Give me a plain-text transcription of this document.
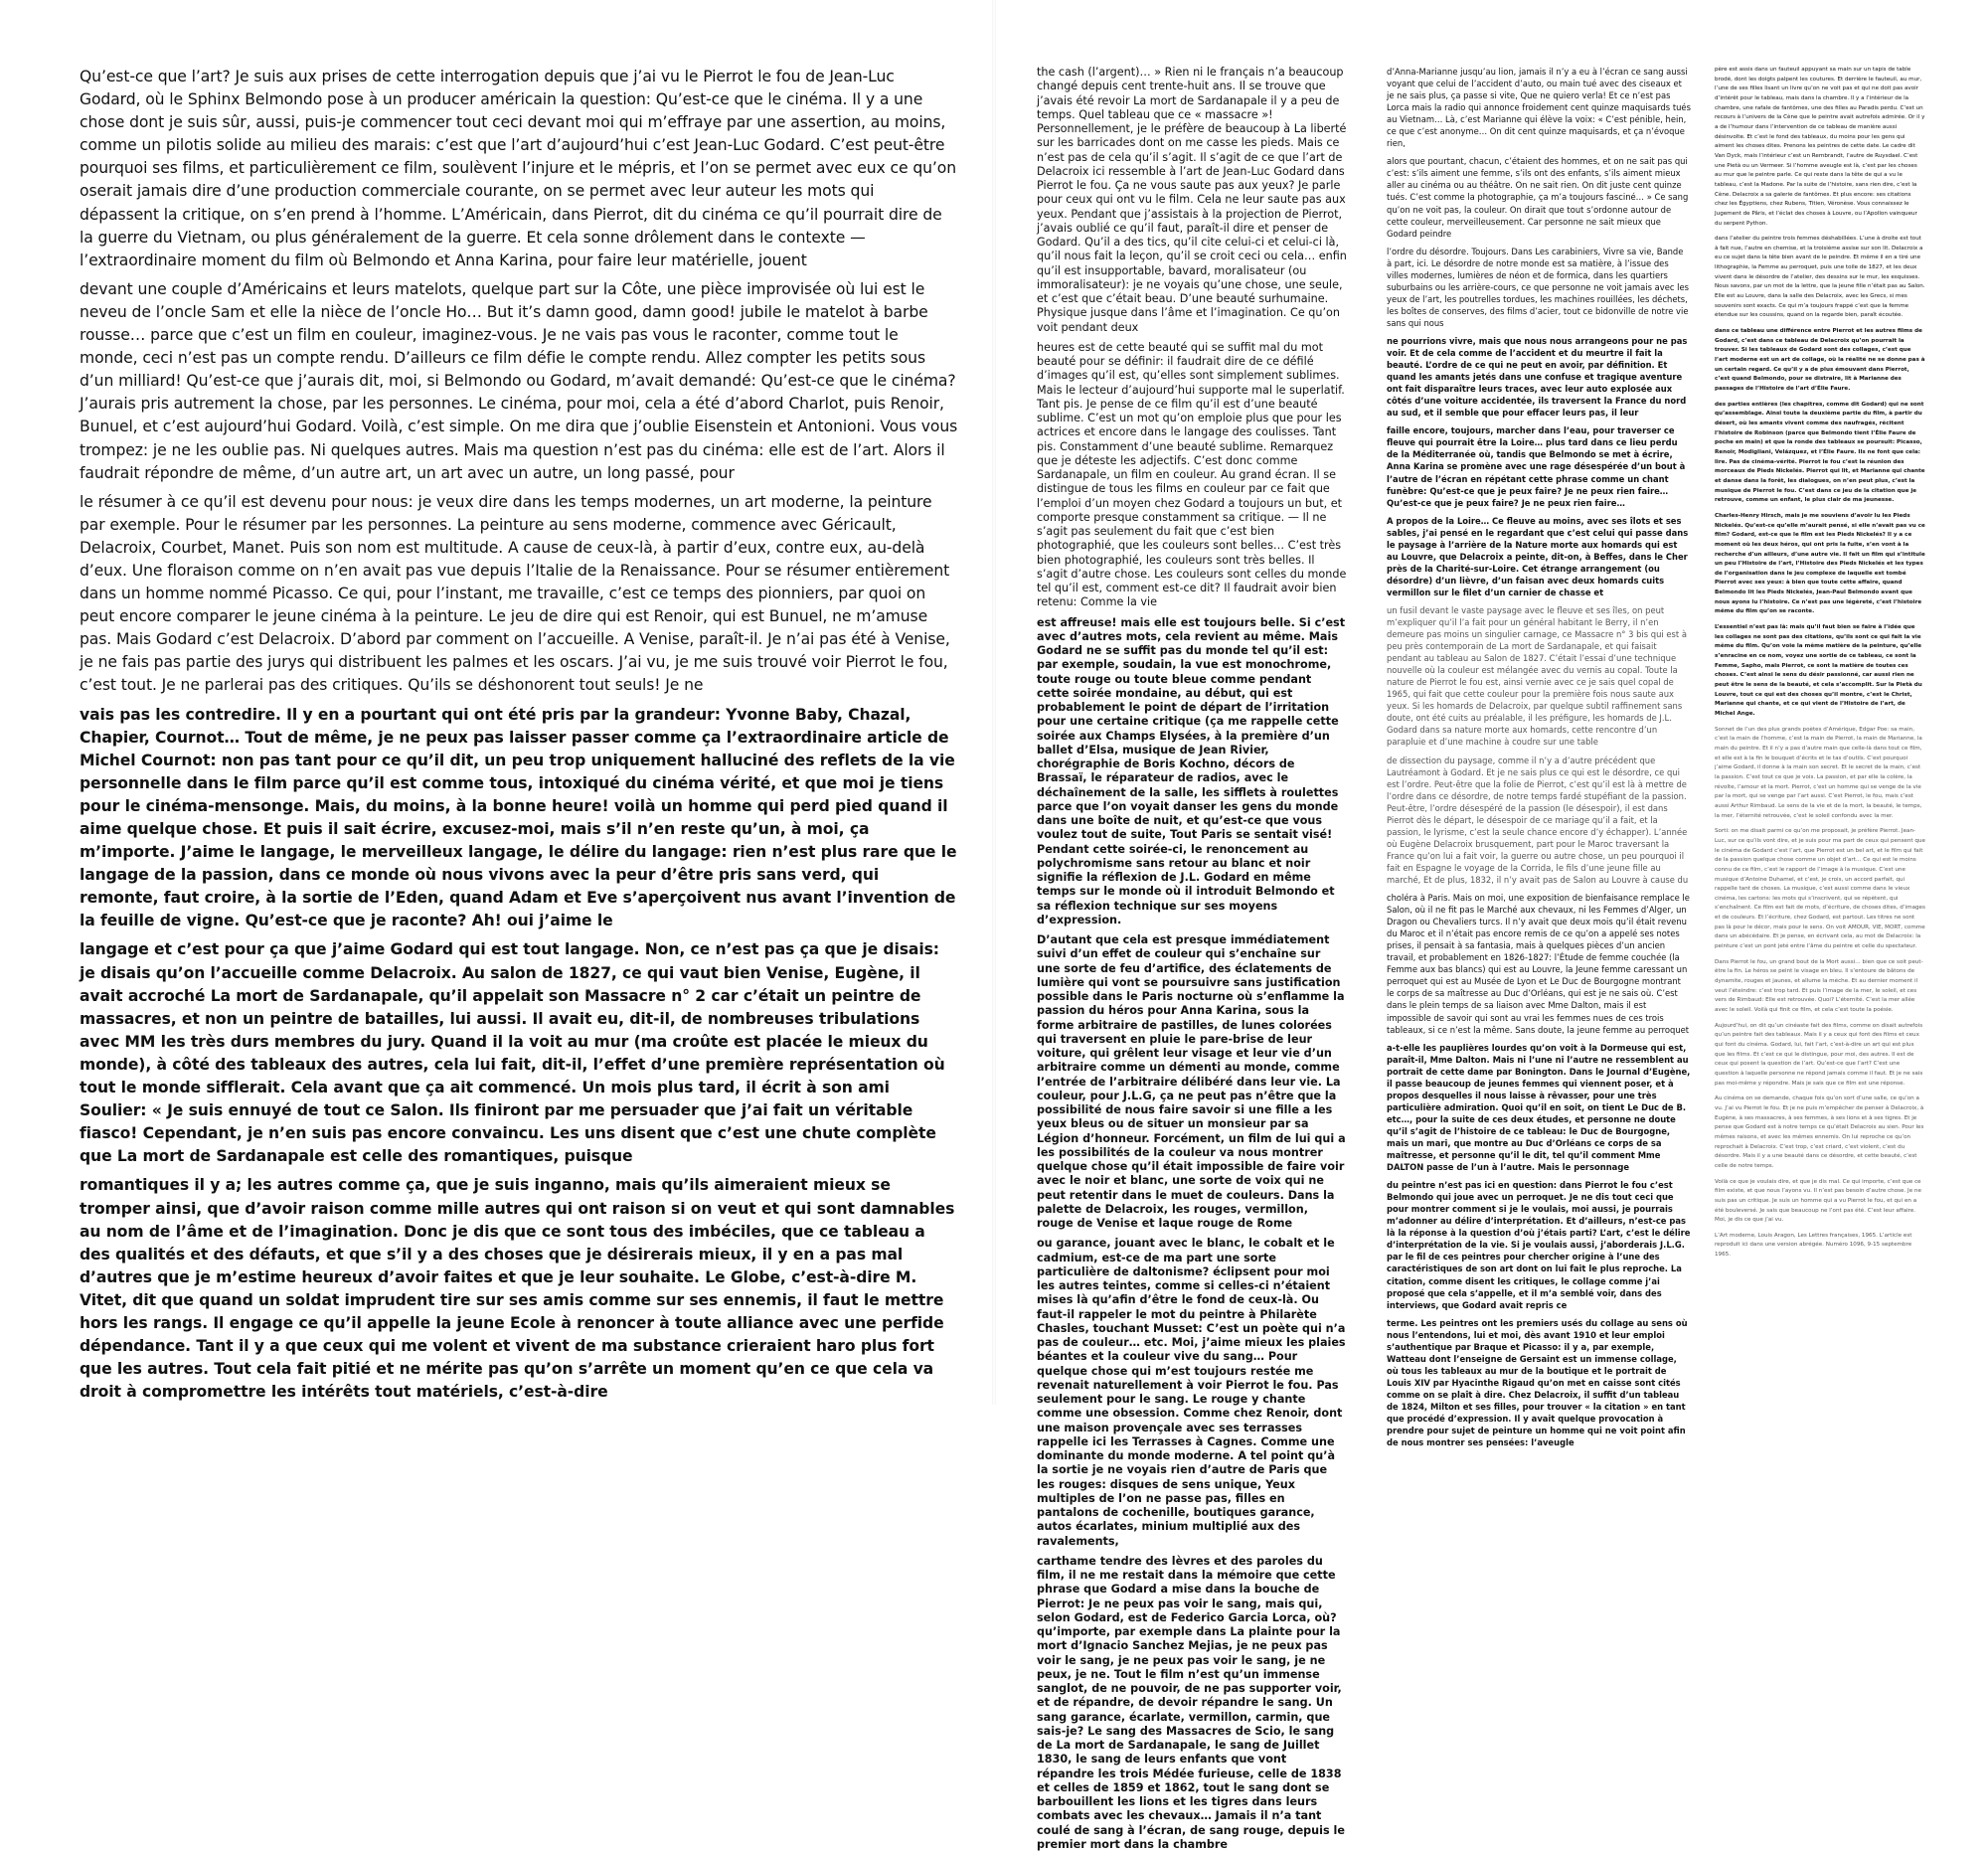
Qu’est-ce que l’art? Je suis aux prises de cette interrogation depuis que j’ai vu le Pierrot le fou de Jean-Luc Godard, où le Sphinx Belmondo pose à un producer américain la question: Qu’est-ce que le cinéma. Il y a une chose dont je suis sûr, aussi, puis-je commencer tout ceci devant moi qui m’effraye par une assertion, au moins, comme un pilotis solide au milieu des marais: c’est que l’art d’aujourd’hui c’est Jean-Luc Godard. C’est peut-être pourquoi ses films, et particulièrement ce film, soulèvent l’injure et le mépris, et l’on se permet avec eux ce qu’on oserait jamais dire d’une production commerciale courante, on se permet avec leur auteur les mots qui dépassent la critique, on s’en prend à l’homme. L’Américain, dans Pierrot, dit du cinéma ce qu’il pourrait dire de la guerre du Vietnam, ou plus généralement de la guerre. Et cela sonne drôlement dans le contexte — l’extraordinaire moment du film où Belmondo et Anna Karina, pour faire leur matérielle, jouent

devant une couple d’Américains et leurs matelots, quelque part sur la Côte, une pièce improvisée où lui est le neveu de l’oncle Sam et elle la nièce de l’oncle Ho… But it’s damn good, damn good! jubile le matelot à barbe rousse… parce que c’est un film en couleur, imaginez-vous. Je ne vais pas vous le raconter, comme tout le monde, ceci n’est pas un compte rendu. D’ailleurs ce film défie le compte rendu. Allez compter les petits sous d’un milliard! Qu’est-ce que j’aurais dit, moi, si Belmondo ou Godard, m’avait demandé: Qu’est-ce que le cinéma? J’aurais pris autrement la chose, par les personnes. Le cinéma, pour moi, cela a été d’abord Charlot, puis Renoir, Bunuel, et c’est aujourd’hui Godard. Voilà, c’est simple. On me dira que j’oublie Eisenstein et Antonioni. Vous vous trompez: je ne les oublie pas. Ni quelques autres. Mais ma question n’est pas du cinéma: elle est de l’art. Alors il faudrait répondre de même, d’un autre art, un art avec un autre, un long passé, pour

le résumer à ce qu’il est devenu pour nous: je veux dire dans les temps modernes, un art moderne, la peinture par exemple. Pour le résumer par les personnes. La peinture au sens moderne, commence avec Géricault, Delacroix, Courbet, Manet. Puis son nom est multitude. A cause de ceux-là, à partir d’eux, contre eux, au-delà d’eux. Une floraison comme on n’en avait pas vue depuis l’Italie de la Renaissance. Pour se résumer entièrement dans un homme nommé Picasso. Ce qui, pour l’instant, me travaille, c’est ce temps des pionniers, par quoi on peut encore comparer le jeune cinéma à la peinture. Le jeu de dire qui est Renoir, qui est Bunuel, ne m’amuse pas. Mais Godard c’est Delacroix. D’abord par comment on l’accueille. A Venise, paraît-il. Je n’ai pas été à Venise, je ne fais pas partie des jurys qui distribuent les palmes et les oscars. J’ai vu, je me suis trouvé voir Pierrot le fou, c’est tout. Je ne parlerai pas des critiques. Qu’ils se déshonorent tout seuls! Je ne

vais pas les contredire. Il y en a pourtant qui ont été pris par la grandeur: Yvonne Baby, Chazal, Chapier, Cournot… Tout de même, je ne peux pas laisser passer comme ça l’extraordinaire article de Michel Cournot: non pas tant pour ce qu’il dit, un peu trop uniquement halluciné des reflets de la vie personnelle dans le film parce qu’il est comme tous, intoxiqué du cinéma vérité, et que moi je tiens pour le cinéma-mensonge. Mais, du moins, à la bonne heure! voilà un homme qui perd pied quand il aime quelque chose. Et puis il sait écrire, excusez-moi, mais s’il n’en reste qu’un, à moi, ça m’importe. J’aime le langage, le merveilleux langage, le délire du langage: rien n’est plus rare que le langage de la passion, dans ce monde où nous vivons avec la peur d’être pris sans verd, qui remonte, faut croire, à la sortie de l’Eden, quand Adam et Eve s’aperçoivent nus avant l’invention de la feuille de vigne. Qu’est-ce que je raconte? Ah! oui j’aime le

langage et c’est pour ça que j’aime Godard qui est tout langage. Non, ce n’est pas ça que je disais: je disais qu’on l’accueille comme Delacroix. Au salon de 1827, ce qui vaut bien Venise, Eugène, il avait accroché La mort de Sardanapale, qu’il appelait son Massacre n° 2 car c’était un peintre de massacres, et non un peintre de batailles, lui aussi. Il avait eu, dit-il, de nombreuses tribulations avec MM les très durs membres du jury. Quand il la voit au mur (ma croûte est placée le mieux du monde), à côté des tableaux des autres, cela lui fait, dit-il, l’effet d’une première représentation où tout le monde sifflerait. Cela avant que ça ait commencé. Un mois plus tard, il écrit à son ami Soulier: « Je suis ennuyé de tout ce Salon. Ils finiront par me persuader que j’ai fait un véritable fiasco! Cependant, je n’en suis pas encore convaincu. Les uns disent que c’est une chute complète que La mort de Sardanapale est celle des romantiques, puisque

romantiques il y a; les autres comme ça, que je suis inganno, mais qu’ils aimeraient mieux se tromper ainsi, que d’avoir raison comme mille autres qui ont raison si on veut et qui sont damnables au nom de l’âme et de l’imagination. Donc je dis que ce sont tous des imbéciles, que ce tableau a des qualités et des défauts, et que s’il y a des choses que je désirerais mieux, il y en a pas mal d’autres que je m’estime heureux d’avoir faites et que je leur souhaite. Le Globe, c’est-à-dire M. Vitet, dit que quand un soldat imprudent tire sur ses amis comme sur ses ennemis, il faut le mettre hors les rangs. Il engage ce qu’il appelle la jeune Ecole à renoncer à toute alliance avec une perfide dépendance. Tant il y a que ceux qui me volent et vivent de ma substance crieraient haro plus fort que les autres. Tout cela fait pitié et ne mérite pas qu’on s’arrête un moment qu’en ce que cela va droit à compromettre les intérêts tout matériels, c’est-à-dire

the cash (l’argent)… » Rien ni le français n’a beaucoup changé depuis cent trente-huit ans. Il se trouve que j’avais été revoir La mort de Sardanapale il y a peu de temps. Quel tableau que ce « massacre »! Personnellement, je le préfère de beaucoup à La liberté sur les barricades dont on me casse les pieds. Mais ce n’est pas de cela qu’il s’agit. Il s’agit de ce que l’art de Delacroix ici ressemble à l’art de Jean-Luc Godard dans Pierrot le fou. Ça ne vous saute pas aux yeux? Je parle pour ceux qui ont vu le film. Cela ne leur saute pas aux yeux. Pendant que j’assistais à la projection de Pierrot, j’avais oublié ce qu’il faut, paraît-il dire et penser de Godard. Qu’il a des tics, qu’il cite celui-ci et celui-ci là, qu’il nous fait la leçon, qu’il se croit ceci ou cela… enfin qu’il est insupportable, bavard, moralisateur (ou immoralisateur): je ne voyais qu’une chose, une seule, et c’est que c’était beau. D’une beauté surhumaine. Physique jusque dans l’âme et l’imagination. Ce qu’on voit pendant deux

heures est de cette beauté qui se suffit mal du mot beauté pour se définir: il faudrait dire de ce défilé d’images qu’il est, qu’elles sont simplement sublimes. Mais le lecteur d’aujourd’hui supporte mal le superlatif. Tant pis. Je pense de ce film qu’il est d’une beauté sublime. C’est un mot qu’on emploie plus que pour les actrices et encore dans le langage des coulisses. Tant pis. Constamment d’une beauté sublime. Remarquez que je déteste les adjectifs. C’est donc comme Sardanapale, un film en couleur. Au grand écran. Il se distingue de tous les films en couleur par ce fait que l’emploi d’un moyen chez Godard a toujours un but, et comporte presque constamment sa critique. — Il ne s’agit pas seulement du fait que c’est bien photographié, que les couleurs sont belles… C’est très bien photographié, les couleurs sont très belles. Il s’agit d’autre chose. Les couleurs sont celles du monde tel qu’il est, comment est-ce dit? Il faudrait avoir bien retenu: Comme la vie

est affreuse! mais elle est toujours belle. Si c’est avec d’autres mots, cela revient au même. Mais Godard ne se suffit pas du monde tel qu’il est: par exemple, soudain, la vue est monochrome, toute rouge ou toute bleue comme pendant cette soirée mondaine, au début, qui est probablement le point de départ de l’irritation pour une certaine critique (ça me rappelle cette soirée aux Champs Elysées, à la première d’un ballet d’Elsa, musique de Jean Rivier, chorégraphie de Boris Kochno, décors de Brassaï, le réparateur de radios, avec le déchaînement de la salle, les sifflets à roulettes parce que l’on voyait danser les gens du monde dans une boîte de nuit, et qu’est-ce que vous voulez tout de suite, Tout Paris se sentait visé! Pendant cette soirée-ci, le renoncement au polychromisme sans retour au blanc et noir signifie la réflexion de J.L. Godard en même temps sur le monde où il introduit Belmondo et sa réflexion technique sur ses moyens d’expression.

D’autant que cela est presque immédiatement suivi d’un effet de couleur qui s’enchaîne sur une sorte de feu d’artifice, des éclatements de lumière qui vont se poursuivre sans justification possible dans le Paris nocturne où s’enflamme la passion du héros pour Anna Karina, sous la forme arbitraire de pastilles, de lunes colorées qui traversent en pluie le pare-brise de leur voiture, qui grêlent leur visage et leur vie d’un arbitraire comme un démenti au monde, comme l’entrée de l’arbitraire délibéré dans leur vie. La couleur, pour J.L.G, ça ne peut pas n’être que la possibilité de nous faire savoir si une fille a les yeux bleus ou de situer un monsieur par sa Légion d’honneur. Forcément, un film de lui qui a les possibilités de la couleur va nous montrer quelque chose qu’il était impossible de faire voir avec le noir et blanc, une sorte de voix qui ne peut retentir dans le muet de couleurs. Dans la palette de Delacroix, les rouges, vermillon, rouge de Venise et laque rouge de Rome

ou garance, jouant avec le blanc, le cobalt et le cadmium, est-ce de ma part une sorte particulière de daltonisme? éclipsent pour moi les autres teintes, comme si celles-ci n’étaient mises là qu’afin d’être le fond de ceux-là. Ou faut-il rappeler le mot du peintre à Philarète Chasles, touchant Musset: C’est un poète qui n’a pas de couleur… etc. Moi, j’aime mieux les plaies béantes et la couleur vive du sang… Pour quelque chose qui m’est toujours restée me revenait naturellement à voir Pierrot le fou. Pas seulement pour le sang. Le rouge y chante comme une obsession. Comme chez Renoir, dont une maison provençale avec ses terrasses rappelle ici les Terrasses à Cagnes. Comme une dominante du monde moderne. A tel point qu’à la sortie je ne voyais rien d’autre de Paris que les rouges: disques de sens unique, Yeux multiples de l’on ne passe pas, filles en pantalons de cochenille, boutiques garance, autos écarlates, minium multiplié aux des ravalements,

carthame tendre des lèvres et des paroles du film, il ne me restait dans la mémoire que cette phrase que Godard a mise dans la bouche de Pierrot: Je ne peux pas voir le sang, mais qui, selon Godard, est de Federico Garcia Lorca, où? qu’importe, par exemple dans La plainte pour la mort d’Ignacio Sanchez Mejias, je ne peux pas voir le sang, je ne peux pas voir le sang, je ne peux, je ne. Tout le film n’est qu’un immense sanglot, de ne pouvoir, de ne pas supporter voir, et de répandre, de devoir répandre le sang. Un sang garance, écarlate, vermillon, carmin, que sais-je? Le sang des Massacres de Scio, le sang de La mort de Sardanapale, le sang de Juillet 1830, le sang de leurs enfants que vont répandre les trois Médée furieuse, celle de 1838 et celles de 1859 et 1862, tout le sang dont se barbouillent les lions et les tigres dans leurs combats avec les chevaux… Jamais il n’a tant coulé de sang à l’écran, de sang rouge, depuis le premier mort dans la chambre

d’Anna-Marianne jusqu’au lion, jamais il n’y a eu à l’écran ce sang aussi voyant que celui de l’accident d’auto, ou main tué avec des ciseaux et je ne sais plus, ça passe si vite, Que ne quiero verla! Et ce n’est pas Lorca mais la radio qui annonce froidement cent quinze maquisards tués au Vietnam… Là, c’est Marianne qui élève la voix: « C’est pénible, hein, ce que c’est anonyme… On dit cent quinze maquisards, et ça n’évoque rien,

alors que pourtant, chacun, c’étaient des hommes, et on ne sait pas qui c’est: s’ils aiment une femme, s’ils ont des enfants, s’ils aiment mieux aller au cinéma ou au théâtre. On ne sait rien. On dit juste cent quinze tués. C’est comme la photographie, ça m’a toujours fasciné… » Ce sang qu’on ne voit pas, la couleur. On dirait que tout s’ordonne autour de cette couleur, merveilleusement. Car personne ne sait mieux que Godard peindre

l’ordre du désordre. Toujours. Dans Les carabiniers, Vivre sa vie, Bande à part, ici. Le désordre de notre monde est sa matière, à l’issue des villes modernes, lumières de néon et de formica, dans les quartiers suburbains ou les arrière-cours, ce que personne ne voit jamais avec les yeux de l’art, les poutrelles tordues, les machines rouillées, les déchets, les boîtes de conserves, des films d’acier, tout ce bidonville de notre vie sans qui nous

ne pourrions vivre, mais que nous nous arrangeons pour ne pas voir. Et de cela comme de l’accident et du meurtre il fait la beauté. L’ordre de ce qui ne peut en avoir, par définition. Et quand les amants jetés dans une confuse et tragique aventure ont fait disparaître leurs traces, avec leur auto explosée aux côtés d’une voiture accidentée, ils traversent la France du nord au sud, et il semble que pour effacer leurs pas, il leur

faille encore, toujours, marcher dans l’eau, pour traverser ce fleuve qui pourrait être la Loire… plus tard dans ce lieu perdu de la Méditerranée où, tandis que Belmondo se met à écrire, Anna Karina se promène avec une rage désespérée d’un bout à l’autre de l’écran en répétant cette phrase comme un chant funèbre: Qu’est-ce que je peux faire? Je ne peux rien faire… Qu’est-ce que je peux faire? Je ne peux rien faire…

A propos de la Loire… Ce fleuve au moins, avec ses îlots et ses sables, j’ai pensé en le regardant que c’est celui qui passe dans le paysage à l’arrière de la Nature morte aux homards qui est au Louvre, que Delacroix a peinte, dit-on, à Beffes, dans le Cher près de la Charité-sur-Loire. Cet étrange arrangement (ou désordre) d’un lièvre, d’un faisan avec deux homards cuits vermillon sur le filet d’un carnier de chasse et

un fusil devant le vaste paysage avec le fleuve et ses îles, on peut m’expliquer qu’il l’a fait pour un général habitant le Berry, il n’en demeure pas moins un singulier carnage, ce Massacre n° 3 bis qui est à peu près contemporain de La mort de Sardanapale, et qui faisait pendant au tableau au Salon de 1827. C’était l’essai d’une technique nouvelle où la couleur est mélangée avec du vernis au copal. Toute la nature de Pierrot le fou est, ainsi vernie avec ce je sais quel copal de 1965, qui fait que cette couleur pour la première fois nous saute aux yeux. Si les homards de Delacroix, par quelque subtil raffinement sans doute, ont été cuits au préalable, il les préfigure, les homards de J.L. Godard dans sa nature morte aux homards, cette rencontre d’un parapluie et d’une machine à coudre sur une table

de dissection du paysage, comme il n’y a d’autre précédent que Lautréamont à Godard. Et je ne sais plus ce qui est le désordre, ce qui est l’ordre. Peut-être que la folie de Pierrot, c’est qu’il est là à mettre de l’ordre dans ce désordre, de notre temps fardé stupéfiant de la passion. Peut-être, l’ordre désespéré de la passion (le désespoir), il est dans Pierrot dès le départ, le désespoir de ce mariage qu’il a fait, et la passion, le lyrisme, c’est la seule chance encore d’y échapper). L’année où Eugène Delacroix brusquement, part pour le Maroc traversant la France qu’on lui a fait voir, la guerre ou autre chose, un peu pourquoi il fait en Espagne le voyage de la Corrida, le fils d’une jeune fille au marché, Et de plus, 1832, il n’y avait pas de Salon au Louvre à cause du

choléra à Paris. Mais on moi, une exposition de bienfaisance remplace le Salon, où il ne fit pas le Marché aux chevaux, ni les Femmes d’Alger, un Dragon ou Chevaliers turcs. Il n’y avait que deux mois qu’il était revenu du Maroc et il n’était pas encore remis de ce qu’on a appelé ses notes prises, il pensait à sa fantasia, mais à quelques pièces d’un ancien travail, et probablement en 1826-1827: l’Étude de femme couchée (la Femme aux bas blancs) qui est au Louvre, la Jeune femme caressant un perroquet qui est au Musée de Lyon et Le Duc de Bourgogne montrant le corps de sa maîtresse au Duc d’Orléans, qui est je ne sais où. C’est dans le plein temps de sa liaison avec Mme Dalton, mais il est impossible de savoir qui sont au vrai les femmes nues de ces trois tableaux, si ce n’est la même. Sans doute, la jeune femme au perroquet

a-t-elle les pauplières lourdes qu’on voit à la Dormeuse qui est, paraît-il, Mme Dalton. Mais ni l’une ni l’autre ne ressemblent au portrait de cette dame par Bonington. Dans le Journal d’Eugène, il passe beaucoup de jeunes femmes qui viennent poser, et à propos desquelles il nous laisse à rêvasser, pour une très particulière admiration. Quoi qu’il en soit, on tient Le Duc de B. etc…, pour la suite de ces deux études, et personne ne doute qu’il s’agit de l’histoire de ce tableau: le Duc de Bourgogne, mais un mari, que montre au Duc d’Orléans ce corps de sa maîtresse, et personne qu’il le dit, tel qu’il comment Mme DALTON passe de l’un à l’autre. Mais le personnage

du peintre n’est pas ici en question: dans Pierrot le fou c’est Belmondo qui joue avec un perroquet. Je ne dis tout ceci que pour montrer comment si je le voulais, moi aussi, je pourrais m’adonner au délire d’interprétation. Et d’ailleurs, n’est-ce pas là la réponse à la question d’où j’étais parti? L’art, c’est le délire d’interprétation de la vie. Si je voulais aussi, j’aborderais J.L.G. par le fil de ces peintres pour chercher origine à l’une des caractéristiques de son art dont on lui fait le plus reproche. La citation, comme disent les critiques, le collage comme j’ai proposé que cela s’appelle, et il m’a semblé voir, dans des interviews, que Godard avait repris ce

terme. Les peintres ont les premiers usés du collage au sens où nous l’entendons, lui et moi, dès avant 1910 et leur emploi s’authentique par Braque et Picasso: il y a, par exemple, Watteau dont l’enseigne de Gersaint est un immense collage, où tous les tableaux au mur de la boutique et le portrait de Louis XIV par Hyacinthe Rigaud qu’on met en caisse sont cités comme on se plaît à dire. Chez Delacroix, il suffit d’un tableau de 1824, Milton et ses filles, pour trouver « la citation » en tant que procédé d’expression. Il y avait quelque provocation à prendre pour sujet de peinture un homme qui ne voit point afin de nous montrer ses pensées: l’aveugle

père est assis dans un fauteuil appuyant sa main sur un tapis de table brodé, dont les doigts palpent les coutures. Et derrière le fauteuil, au mur, l’une de ses filles lisant un livre qu’on ne voit pas et qui ne doit pas avoir d’intérêt pour le tableau, mais dans la chambre. Il y a l’intérieur de la chambre, une rafale de fantômes, une des filles au Paradis perdu. C’est un recours à l’univers de la Cène que le peintre avait autrefois admirée. Or il y a de l’humour dans l’intervention de ce tableau de manière aussi désinvolte. Et c’est le fond des tableaux, du moins pour les gens qui aiment les choses dites. Prenons les peintres de cette date. Le cadre dit Van Dyck, mais l’intérieur c’est un Rembrandt, l’autre de Ruysdael. C’est une Pietà ou un Vermeer. Si l’homme aveugle est là, c’est par les choses au mur que le peintre parle. Ce qui reste dans la tête de qui a vu le tableau, c’est la Madone. Par la suite de l’histoire, sans rien dire, c’est la Cène. Delacroix a sa galerie de fantômes. Et plus encore: ses citations chez les Égyptiens, chez Rubens, Titien, Véronèse. Vous connaissez le Jugement de Pâris, et l’éclat des choses à Louvre, ou l’Apollon vainqueur du serpent Python.

dans l’atelier du peintre trois femmes déshabillées. L’une à droite est tout à fait nue, l’autre en chemise, et la troisième assise sur son lit. Delacroix a eu ce sujet dans la tête bien avant de le peindre. Et même il en a tiré une lithographie, la Femme au perroquet, puis une toile de 1827, et les deux vivent dans le désordre de l’atelier, des dessins sur le mur, les esquisses. Nous savons, par un mot de la lettre, que la jeune fille n’était pas au Salon. Elle est au Louvre, dans la salle des Delacroix, avec les Grecs, si mes souvenirs sont exacts. Ce qui m’a toujours frappé c’est que la femme étendue sur les coussins, quand on la regarde bien, paraît écoutée.

dans ce tableau une différence entre Pierrot et les autres films de Godard, c’est dans ce tableau de Delacroix qu’on pourrait la trouver. Si les tableaux de Godard sont des collages, c’est que l’art moderne est un art de collage, où la réalité ne se donne pas à un certain regard. Ce qu’il y a de plus émouvant dans Pierrot, c’est quand Belmondo, pour se distraire, lit à Marianne des passages de l’Histoire de l’art d’Élie Faure.

des parties entières (les chapitres, comme dit Godard) qui ne sont qu’assemblage. Ainsi toute la deuxième partie du film, à partir du désert, où les amants vivent comme des naufragés, récitent l’histoire de Robinson (parce que Belmondo tient l’Élie Faure de poche en main) et que la ronde des tableaux se poursuit: Picasso, Renoir, Modigliani, Velázquez, et l’Élie Faure. Ils ne font que cela: lire. Pas de cinéma-vérité. Pierrot le fou c’est la réunion des morceaux de Pieds Nickelés. Pierrot qui lit, et Marianne qui chante et danse dans la forêt, les dialogues, on n’en peut plus, c’est la musique de Pierrot le fou. C’est dans ce jeu de la citation que je retrouve, comme un enfant, le plus clair de ma jeunesse.

Charles-Henry Hirsch, mais je me souviens d’avoir lu les Pieds Nickelés. Qu’est-ce qu’elle m’aurait pensé, si elle n’avait pas vu ce film? Godard, est-ce que le film est les Pieds Nickelés? Il y a ce moment où les deux héros, qui ont pris la fuite, s’en vont à la recherche d’un ailleurs, d’une autre vie. Il fait un film qui s’intitule un peu l’Histoire de l’art, l’Histoire des Pieds Nickelés et les types de l’organisation dans le jeu complexe de laquelle est tombé Pierrot avec ses yeux: à bien que toute cette affaire, quand Belmondo lit les Pieds Nickelés, Jean-Paul Belmondo avant que nous ayons lu l’histoire. Ce n’est pas une légèreté, c’est l’histoire même du film qu’on se raconte.

L’essentiel n’est pas là: mais qu’il faut bien se faire à l’idée que les collages ne sont pas des citations, qu’ils sont ce qui fait la vie même du film. Qu’on voie la même matière de la peinture, qu’elle s’enracine en ce nom, voyez une sortie de ce tableau, ce sont la Femme, Sapho, mais Pierrot, ce sont la matière de toutes ces choses. C’est ainsi le sens du désir passionné, car aussi rien ne peut être le sens de la beauté, et cela s’accomplit. Sur la Pietà du Louvre, tout ce qui est des choses qu’il montre, c’est le Christ, Marianne qui chante, et ce qui vient de l’Histoire de l’art, de Michel Ange.

Sonnet de l’un des plus grands poètes d’Amérique, Edgar Poe: sa main, c’est la main de l’homme, c’est la main de Pierrot, la main de Marianne, la main du peintre. Et il n’y a pas d’autre main que celle-là dans tout ce film, et elle est à la fin le bouquet d’écrits et le tas d’outils. C’est pourquoi j’aime Godard, il donne à la main son secret. Et le secret de la main, c’est la passion. C’est tout ce que je vois. La passion, et par elle la colère, la révolte, l’amour et la mort. Pierrot, c’est un homme qui se venge de la vie par la mort, qui se venge par l’art aussi. C’est Pierrot, le fou, mais c’est aussi Arthur Rimbaud. Le sens de la vie et de la mort, la beauté, le temps, la mer, l’éternité retrouvée, c’est le soleil confondu avec la mer.

Sorti: on me disait parmi ce qu’on me proposait, je préfère Pierrot. Jean-Luc, sur ce qu’ils vont dire, et je suis pour ma part de ceux qui pensent que le cinéma de Godard c’est l’art, que Pierrot est un bel art, et le film qui fait de la passion quelque chose comme un objet d’art… Ce qui est le moins connu de ce film, c’est le rapport de l’image à la musique. C’est une musique d’Antoine Duhamel, et c’est, je crois, un accord parfait, qui rappelle tant de choses. La musique, c’est aussi comme dans le vieux cinéma, les cartons: les mots qui s’inscrivent, qui se répètent, qui s’enchaînent. Ce film est fait de mots, d’écriture, de choses dites, d’images et de couleurs. Et l’écriture, chez Godard, est partout. Les titres ne sont pas là pour le décor, mais pour le sens. On voit AMOUR, VIE, MORT, comme dans un abécédaire. Et je pense, en écrivant cela, au mot de Delacroix: la peinture c’est un pont jeté entre l’âme du peintre et celle du spectateur.

Dans Pierrot le fou, un grand bout de la Mort aussi… bien que ce soit peut-être la fin. Le héros se peint le visage en bleu. Il s’entoure de bâtons de dynamite, rouges et jaunes, et allume la mèche. Et au dernier moment il veut l’éteindre: c’est trop tard. Et puis l’image de la mer, le soleil, et ces vers de Rimbaud: Elle est retrouvée. Quoi? L’éternité. C’est la mer allée avec le soleil. Voilà qui finit ce film, et cela c’est toute la poésie.

Aujourd’hui, on dit qu’un cinéaste fait des films, comme on disait autrefois qu’un peintre fait des tableaux. Mais il y a ceux qui font des films et ceux qui font du cinéma. Godard, lui, fait l’art, c’est-à-dire un art qui est plus que les films. Et c’est ce qui le distingue, pour moi, des autres. Il est de ceux qui posent la question de l’art. Qu’est-ce que l’art? C’est une question à laquelle personne ne répond jamais comme il faut. Et je ne sais pas moi-même y répondre. Mais je sais que ce film est une réponse.

Au cinéma on se demande, chaque fois qu’on sort d’une salle, ce qu’on a vu. J’ai vu Pierrot le fou. Et je ne puis m’empêcher de penser à Delacroix, à Eugène, à ses massacres, à ses femmes, à ses lions et à ses tigres. Et je pense que Godard est à notre temps ce qu’était Delacroix au sien. Pour les mêmes raisons, et avec les mêmes ennemis. On lui reproche ce qu’on reprochait à Delacroix. C’est trop, c’est criard, c’est violent, c’est du désordre. Mais il y a une beauté dans ce désordre, et cette beauté, c’est celle de notre temps.

Voilà ce que je voulais dire, et que je dis mal. Ce qui importe, c’est que ce film existe, et que nous l’ayons vu. Il n’est pas besoin d’autre chose. Je ne suis pas un critique. Je suis un homme qui a vu Pierrot le fou, et qui en a été bouleversé. Je sais que beaucoup ne l’ont pas été. C’est leur affaire. Moi, je dis ce que j’ai vu.

L’Art moderne, Louis Aragon, Les Lettres françaises, 1965. L’article est reproduit ici dans une version abrégée. Numéro 1096, 9-15 septembre 1965.
